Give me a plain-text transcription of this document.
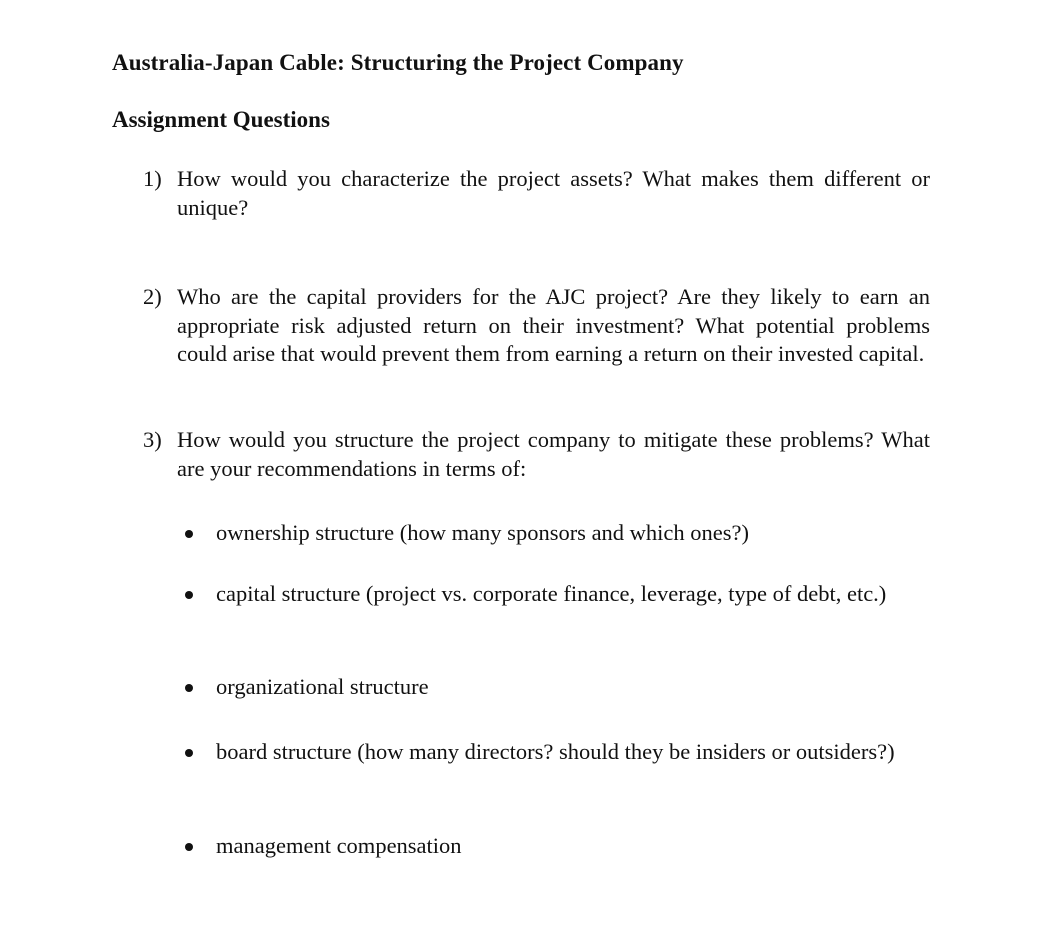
Australia-Japan Cable: Structuring the Project Company
Assignment Questions
1) How would you characterize the project assets? What makes them different or unique?
2) Who are the capital providers for the AJC project? Are they likely to earn an appropriate risk adjusted return on their investment? What potential problems could arise that would prevent them from earning a return on their invested capital.
3) How would you structure the project company to mitigate these problems? What are your recommendations in terms of:
ownership structure (how many sponsors and which ones?)
capital structure (project vs. corporate finance, leverage, type of debt, etc.)
organizational structure
board structure (how many directors? should they be insiders or outsiders?)
management compensation
